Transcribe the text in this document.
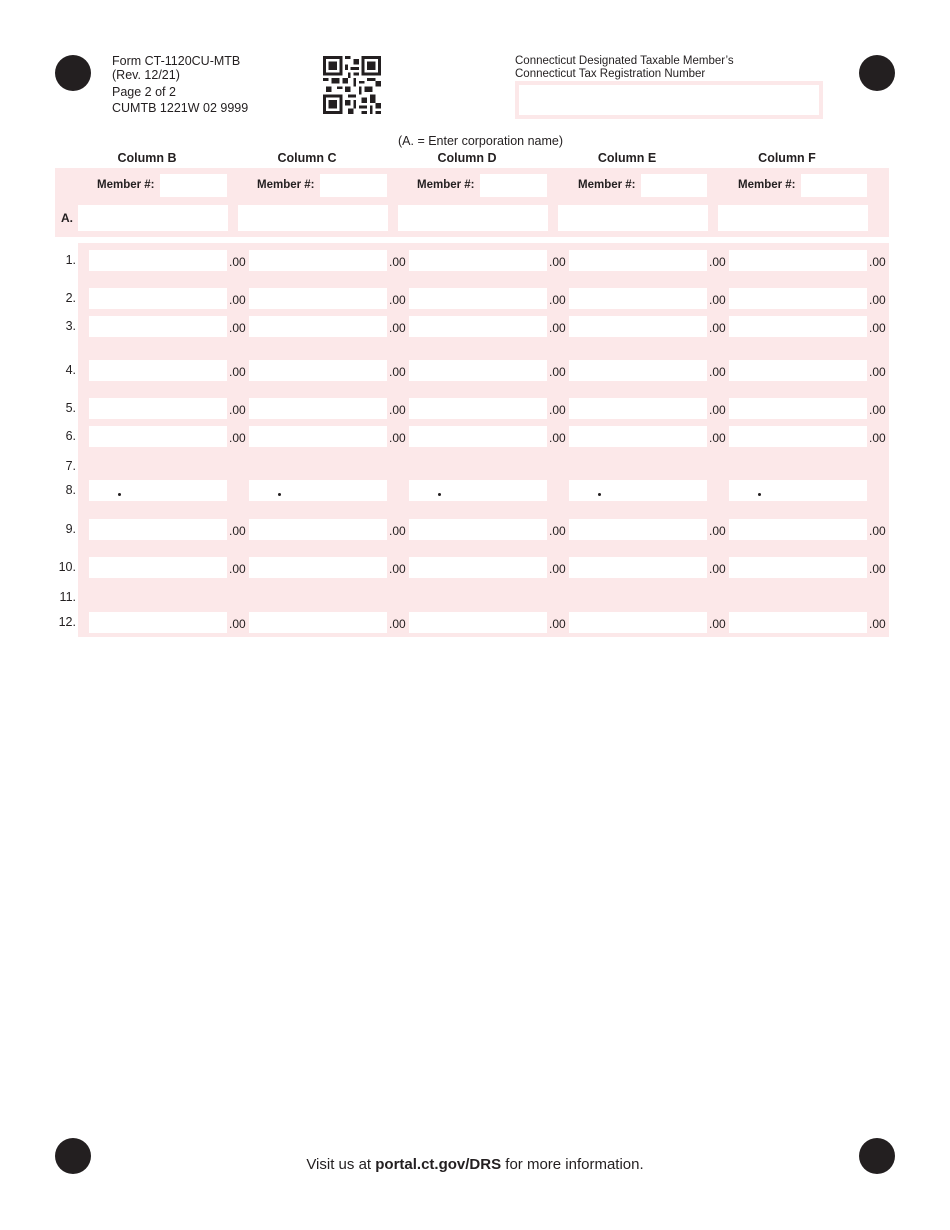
Form CT-1120CU-MTB
(Rev. 12/21)
Page 2 of 2
CUMTB 1221W 02 9999
Connecticut Designated Taxable Member’s
Connecticut Tax Registration Number
(A. = Enter corporation name)
Column B	Column C	Column D	Column E	Column F
Member #:	Member #:	Member #:	Member #:	Member #:
A.
1.	.00	.00	.00	.00	.00
2.	.00	.00	.00	.00	.00
3.	.00	.00	.00	.00	.00
4.	.00	.00	.00	.00	.00
5.	.00	.00	.00	.00	.00
6.	.00	.00	.00	.00	.00
7.
8.
9.	.00	.00	.00	.00	.00
10.	.00	.00	.00	.00	.00
11.
12.	.00	.00	.00	.00	.00
Visit us at portal.ct.gov/DRS for more information.
